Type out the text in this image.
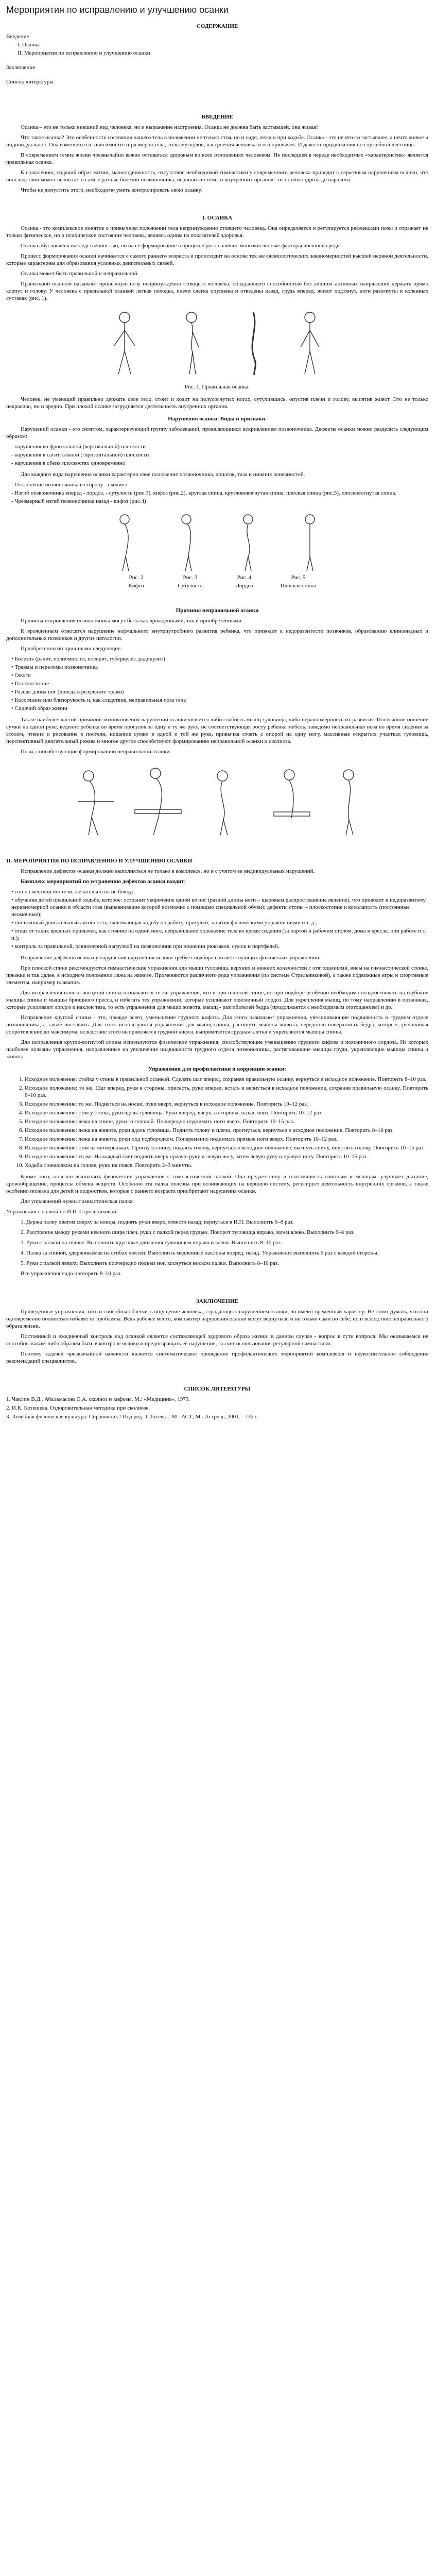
Мероприятия по исправлению и улучшению осанки
СОДЕРЖАНИЕ
Введение
I. Осанка
II. Мероприятия по исправлению и улучшению осанки
Заключение
Список литературы
ВВЕДЕНИЕ

Осанка – это не только внешний вид человека, но и выражение настроения. Осанка не должна быть застывшей, она живая!

Что такое осанка? Это особенность состояния нашего тела в положении не только стоя, но и сидя, лежа и при ходьбе. Осанка - это не что-то застывшее, а нечто живое и индивидуальное. Она изменяется в зависимости от размеров тела, силы мускулов, настроения человека и его привычек. И даже от продвижения по служебной лестнице.

В современном темпе жизни чрезвычайно важно оставаться здоровым во всех отношениях человеком. Не последней в череде необходимых «характеристик» является правильная осанка.

К сожалению, сидячий образ жизни, малоподвижность, отсутствие необходимой гимнастики у современного человека приводят к серьезным нарушениям осанки, что впоследствии может вылиться в самые разные болезни позвоночника, нервной системы и внутренних органов - от остеохондроза до паралича.

Чтобы не допустить этого, необходимо уметь контролировать свою осанку.

I. ОСАНКА

Осанка - это комплексное понятие о привычном положении тела непринужденно стоящего человека. Она определяется и регулируется рефлексами позы и отражает не только физическое, но и психическое состояние человека, являясь одним из показателей здоровья.

Осанка обусловлена наследственностью, но на ее формирование в процессе роста влияют многочисленные факторы внешней среды.

Процесс формирования осанки начинается с самого раннего возраста и происходит на основе тех же физиологических закономерностей высшей нервной деятельности, которые характерны для образования условных двигательных связей.

Осанка может быть правильной и неправильной.

Правильной осанкой называют привычную позу непринужденно стоящего человека, обладающего способностью без лишних активных напряжений держать прямо корпус и голову. У человека с правильной осанкой легкая походка, плечи слегка опущены и отведены назад, грудь вперед, живот подтянут, ноги разогнуты в коленных суставах (рис. 1).

Рис. 1. Правильная осанка.

Человек, не умеющий правильно держать свое тело, стоит и ходит на полусогнутых ногах, сутулившись, опустив плечи и голову, выпятив живот. Это не только некрасиво, но и вредно. При плохой осанке затрудняется деятельность внутренних органов.

Нарушения осанки. Виды и признаки.

Нарушений осанки - это симптом, характеризующий группу заболеваний, проявляющихся искривлением позвоночника. Дефекты осанки можно разделить следующим образом:

- нарушения во фронтальной (вертикальной) плоскости
- нарушения в сагиттальной (горизонтальной) плоскости
- нарушения в обеих плоскостях одновременно

Для каждого вида нарушения осанки характерно свое положение позвоночника, лопаток, таза и нижних конечностей.

- Отклонение позвоночника в сторону - сколиоз
- Изгиб позвоночника вперед - лордоз, - сутулость (рис.3), кифоз (рис.2), круглая спина, круглововогнутая спина, плоская спина (рис.5), плосковогнутая спина.
- Чрезмерный изгиб позвоночника назад - кифоз (рис.4)
Рис. 2	Рис. 3	Рис. 4	Рис. 5
Кифоз	Сутулость	Лордоз	Плоская спина
Причины неправильной осанки

Причины искривления позвоночника могут быть как врожденными, так и приобретенными.

К врожденным относятся нарушение нормального внутриутробного развития ребенка, что приводит к недоразвитости позвонков, образованию клиновидных и дополнительных позвонков и другие патологии.

Приобретенными причинами следующие:

• Болезнь (рахит, полиомиелит, плеврит, туберкулез, радикулит)
• Травмы и переломы позвоночника
• Ожоги
• Плоскостопие
• Разная длина ног (иногда в результате травм)
• Косоглазие или близорукость и, как следствие, неправильная поза тела
• Сидячий образ жизни

Также наиболее частой причиной возникновения нарушений осанки является либо слабость мышц туловища, либо неравномерность их развития. Постоянное ношение сумки на одной руке, ведение ребенка во время прогулок за одну и ту же руку, не соответствующая росту ребенка мебель, заведомо неправильная поза во время сидения за столом, чтение и рисование в постели, ношение сумки в одной и той же руке, привычка стоять с опорой на одну ногу, массивные открытых участках туловища, перспективный двигательный режим и многое другое способствуют формированию неправильной осанки и сколиоза.

Позы, способствующие формированию неправильной осанки:

II. МЕРОПРИЯТИЯ ПО ИСПРАВЛЕНИЮ И УЛУЧШЕНИЮ ОСАНКИ

Исправление дефектов осанки должно выполняться не только в комплексе, но и с учетом ее индивидуальных нарушений.

Комплекс мероприятий по устранению дефектов осанки входит:

• сон на жесткой постели, желательно на не бочку;
• обучение детей правильной ходьбе, которое: устранит укорочение одной из ног (разной длины ноги – шаровым распространение явление), что приводит к недоразвитому неравномерной осанки в области таза (выравнивание которой возможно с помощью специальной обуви); дефекты стопы – плоскостопие и косолапость (постоянные неомочные);
• постоянный двигательный активность, включающая ходьбу на работу, прогулки, занятия физическими упражнениями и т. д.;
• отказ от таких вредных привычек, как стояние на одной ноге, неправильное положение тела во время сидения (за партой и рабочим столом, дома в кресле, при работе и т. п.);
• контроль за правильной, равномерной нагрузкой на позвоночник при ношении рюкзаков, сумок и портфелей.

Исправление дефектов осанки у нарушения нарушения осанки требует подбора соответствующих физических упражнений.

При плоской спине рекомендуются гимнастические упражнения для мышц туловища, верхних и нижних конечностей с отягощениями, висы на гимнастической стенке, прыжки и так далее, в исходном положении лежа на животе. Применяются различного рода упражнения (по системе Стрельниковой), а также подвижные игры и спортивные элементы, например плавание.

Для исправления плоско-вогнутой спины назначаются те же упражнения, что и при плоской спине, по при подборе особенно необходимо воздействовать на глубокие мышцы спины и мышцы брюшного пресса, и избегать тех упражнений, которые усиливают поясничный лордоз. Для укрепления мышц, по тому направлению в позвонках, которые усиливают лордоз и наклон таза, то есть упражнения для мышц живота, мышц - разгибателей бедра (продолжается с необходимым отягощением) и др.

Исправление круглой спины - это, прежде всего, уменьшение грудного кифоза. Для этого назначают упражнения, увеличивающие подвижность в грудном отделе позвоночника, а также поставить. Для этого используются упражнения для мышц спины, растянуть мышцы живота, переднюю поверхность бедра, которые, увеличивая сопротивление до максимума, вследствие этого выпрямляется грудной кифоз, выпрямляется грудная клетка и укрепляются мышцы спины.

Для исправления кругло-вогнутой спины используются физические упражнения, способствующие уменьшению грудного кифоза и поясничного лордоза. Из которых наиболее полезны упражнения, направленные на увеличение подвижности грудного отдела позвоночника, растягивающие мышцы груди, укрепляющие мышцы спины и живота.

Упражнения для профилактики и коррекции осанки:
1. Исходное положение: стойка у стены в правильной осанкой. Сделать шаг вперед, сохраняя правильную осанку, вернуться в исходное положение. Повторить 8–10 раз.
2. Исходное положение: то же. Шаг вперед, руки в стороны, присесть, руки вперед, встать и вернуться в исходное положение, сохраняя правильную осанку. Повторить 8–10 раз.
3. Исходное положение: то же. Подняться на носки, руки вверх, вернуться в исходное положение. Повторить 10–12 раз.
4. Исходное положение: стоя у стены, руки вдоль туловища. Руки вперед, вверх, в стороны, назад, вниз. Повторить 10–12 раз.
5. Исходное положение: лежа на спине, руки за головой. Поочередно поднимать ноги вверх. Повторить 10–15 раз.
6. Исходное положение: лежа на животе, руки вдоль туловища. Поднять голову и плечи, прогнуться, вернуться в исходное положение. Повторить 8–10 раз.
7. Исходное положение: лежа на животе, руки под подбородком. Попеременно поднимать прямые ноги вверх. Повторить 10–12 раз.
8. Исходное положение: стоя на четвереньках. Прогнуть спину, поднять голову, вернуться в исходное положение, выгнуть спину, опустить голову. Повторить 10–15 раз.
9. Исходное положение: то же. На каждый счет поднять вверх правую руку и левую ногу, затем левую руку и правую ногу. Повторить 10–15 раз.
10. Ходьба с мешочком на голове, руки на поясе. Повторить 2–3 минуты.

Кроме того, полезно выполнять физические упражнения с гимнастической палкой. Она предает силу и пластичность спинным и мышцам, улучшает дыхание, кровообращение, процессы обмена веществ. Особенно эта палка полезна при возникающих на нервную систему, регулирует деятельность внутренних органов, а также особенно полезна для детей и подростков, которые с раннего возраста приобретают нарушения осанки.

Для упражнений нужна гимнастическая палка.

Упражнения с палкой по И.П. Стрельниковой:

1. Держа палку хватом сверху за концы, поднять руки вверх, отвести назад; вернуться в И.П. Выполнить 6–8 раз.

2. Расстояние между руками немного шире плеч, руки с палкой перед грудью. Поворот туловища вправо, затем влево. Выполнить 6–8 раз.

3. Руки с палкой на голове. Выполнить круговые движения туловищем вправо и влево. Выполнить 8–10 раз.

4. Палка за спиной, удерживаемая на сгибах локтей. Выполнить медленные наклоны вперед, назад. Упражнение выполнять 6 раз с каждой стороны.

5. Руки с палкой вверху. Выполнить поочередно подъем ног, коснуться носком палки. Выполнить 8–10 раз.

Все упражнения надо повторять 8–10 раз.

ЗАКЛЮЧЕНИЕ

Приведенные упражнения, хоть и способны облегчить ощущение человека, страдающего нарушением осанки, но имеют временный характер. Не стоит думать, что они одновременно полностью избавят от проблемы. Ведь рабочее место, компьютер нарушения осанки могут вернуться, и не только сами по себе, но и вследствие неправильного образа жизни.

Постоянный и ежедневный контроль над осанкой является составляющей здорового образа жизни, в данном случае - вопрос к сути вопроса. Мы оказываемся не способны каким-либо образом быть в контроле осанки и предотвращать её нарушения, за счет использования регулярной гимнастики.

Поэтому задачей чрезвычайной важности является систематическое проведение профилактических мероприятий комплексов и неукоснительное соблюдение рекомендаций специалистов.

СПИСОК ЛИТЕРАТУРЫ
1. Чаклин В.Д., Абальмасова Е.А. сколиоз и кифозы. М.: «Медицина», 1973.
2. И.К. Котешева. Оздоровительная методика при сколиозе.
3. Лечебная физическая культура: Справочник / Под ред. Т.Лосева. - М.: АСТ; М.: Астрель, 2001. - 736 с.
